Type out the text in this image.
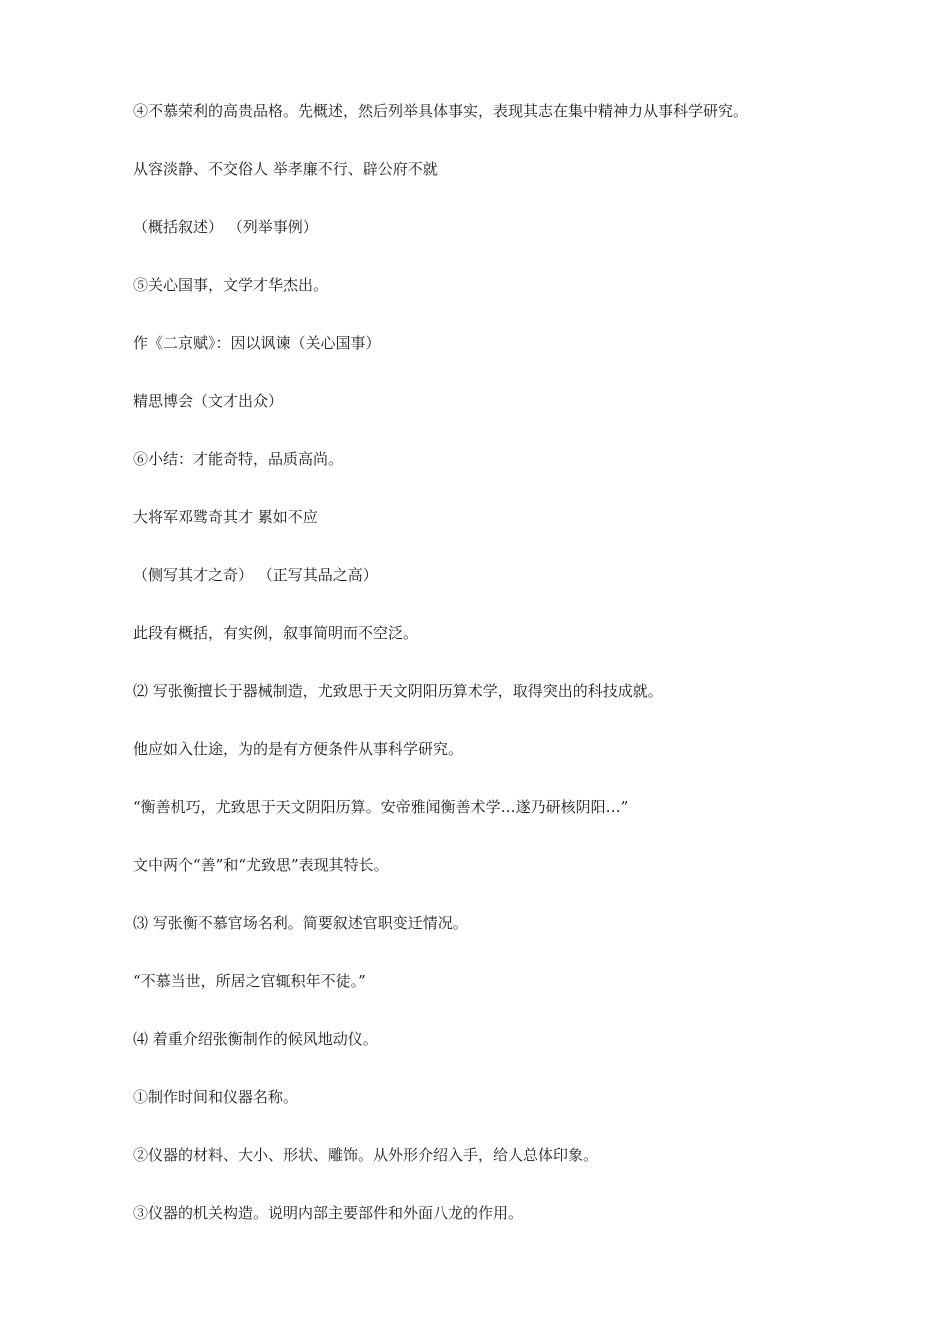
④不慕荣利的高贵品格。先概述，然后列举具体事实，表现其志在集中精神力从事科学研究。
从容淡静、不交俗人 举孝廉不行、辟公府不就
（概括叙述） （列举事例）
⑤关心国事，文学才华杰出。
作《二京赋》：因以讽谏（关心国事）
精思博会（文才出众）
⑥小结：才能奇特，品质高尚。
大将军邓骘奇其才 累如不应
（侧写其才之奇） （正写其品之高）
此段有概括，有实例，叙事简明而不空泛。
⑵ 写张衡擅长于器械制造，尤致思于天文阴阳历算术学，取得突出的科技成就。
他应如入仕途，为的是有方便条件从事科学研究。
“衡善机巧，尤致思于天文阴阳历算。安帝雅闻衡善术学…遂乃研核阴阳…”
文中两个“善”和“尤致思”表现其特长。
⑶ 写张衡不慕官场名利。简要叙述官职变迁情况。
“不慕当世，所居之官辄积年不徒。”
⑷ 着重介绍张衡制作的候风地动仪。
①制作时间和仪器名称。
②仪器的材料、大小、形状、雕饰。从外形介绍入手，给人总体印象。
③仪器的机关构造。说明内部主要部件和外面八龙的作用。
